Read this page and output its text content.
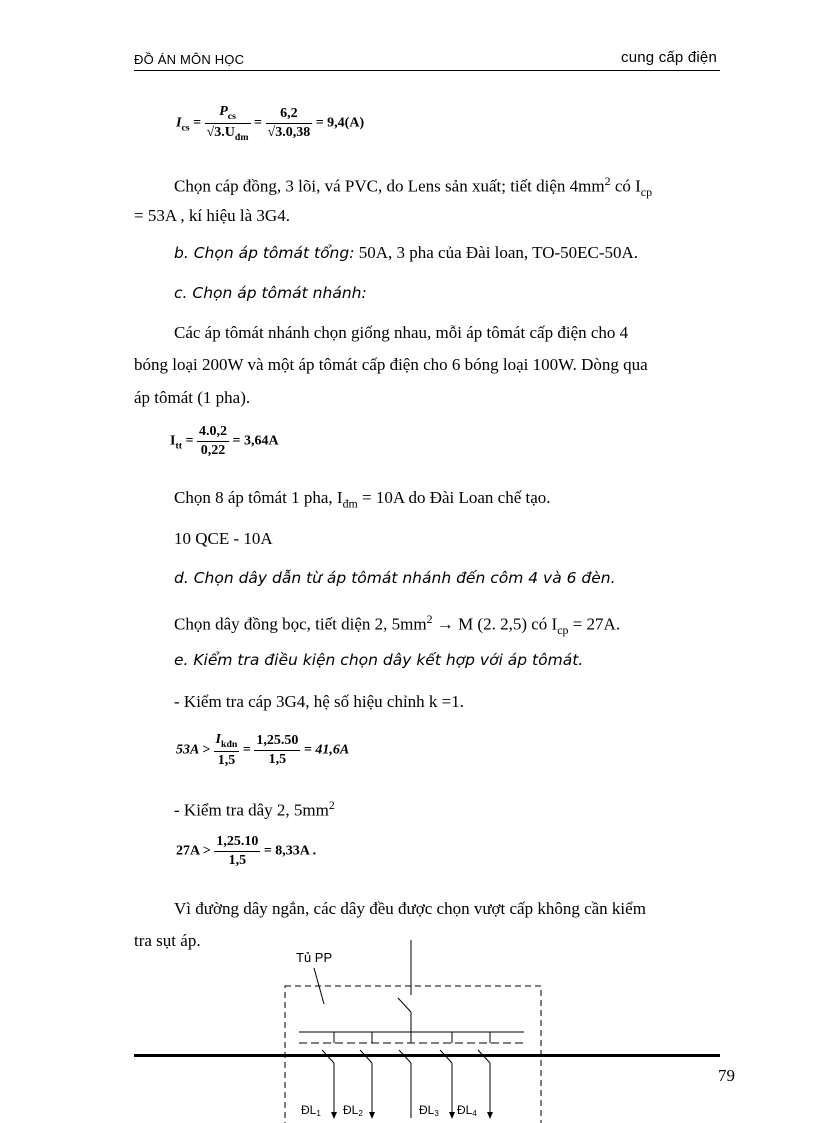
ĐỒ ÁN MÔN HỌC	cung cấp điện
$I_{cs} = \frac{P_{cs}}{√3.U_{đm}} = \frac{6,2}{√3.0,38} = 9,4(A)$
Chọn cáp đồng, 3 lõi, vá PVC, do Lens sản xuất; tiết diện $4mm^2$ có $I_{cp}$
= 53A , kí hiệu là 3G4.
b. Chọn áp tômát tổng: 50A, 3 pha của Đài loan, TO-50EC-50A.
c. Chọn áp tômát nhánh:
Các áp tômát nhánh chọn giống nhau, mỗi áp tômát cấp điện cho 4
bóng loại 200W và một áp tômát cấp điện cho 6 bóng loại 100W. Dòng qua
áp tômát (1 pha).
$I_{tt} = \frac{4.0,2}{0,22} = 3,64A$
Chọn 8 áp tômát 1 pha, $I_{đm} = 10A$ do Đài Loan chế tạo.
10 QCE - 10A
d. Chọn dây dẫn từ áp tômát nhánh đến côm 4 và 6 đèn.
Chọn dây đồng bọc, tiết diện 2, $5mm^2 \to M$ (2. 2,5) có $I_{cp} = 27A$.
e. Kiểm tra điều kiện chọn dây kết hợp với áp tômát.
- Kiểm tra cáp 3G4, hệ số hiệu chỉnh k =1.
$53A > \frac{I_{kđn}}{1,5} = \frac{1,25.50}{1,5} = 41,6A$
- Kiểm tra dây 2, $5mm^2$
$27A > \frac{1,25.10}{1,5} = 8,33A$ .
Vì đường dây ngắn, các dây đều được chọn vượt cấp không cần kiểm
tra sụt áp.
Tủ PP
ĐL1 ĐL2	ĐL3 ĐL4
79
